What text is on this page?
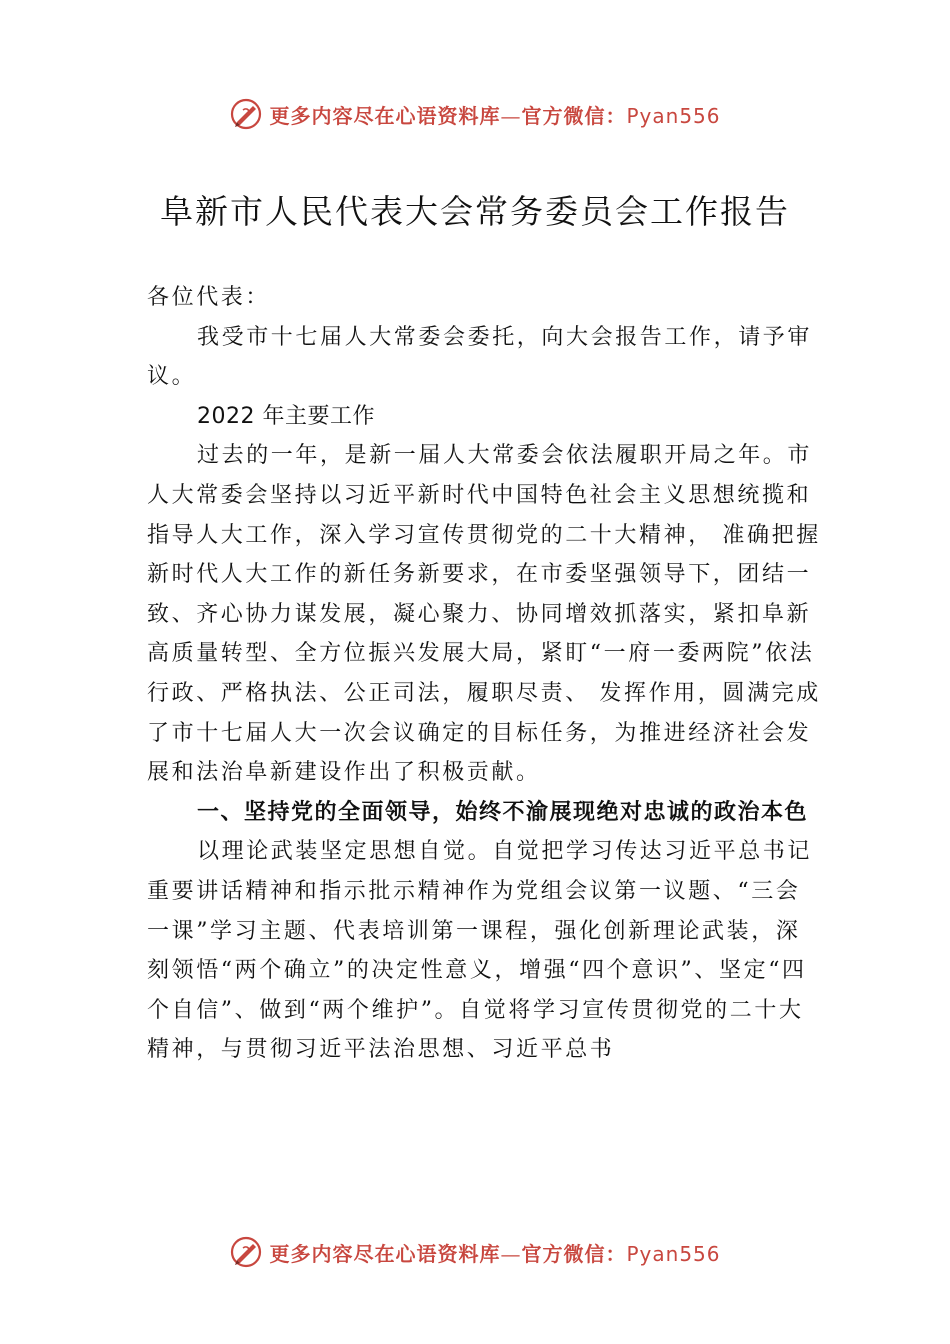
更多内容尽在心语资料库—官方微信：Pyan556
阜新市人民代表大会常务委员会工作报告

各位代表：

我受市十七届人大常委会委托，向大会报告工作，请予审议。

2022 年主要工作

过去的一年，是新一届人大常委会依法履职开局之年。市人大常委会坚持以习近平新时代中国特色社会主义思想统揽和指导人大工作，深入学习宣传贯彻党的二十大精神， 准确把握新时代人大工作的新任务新要求，在市委坚强领导下，团结一致、齐心协力谋发展，凝心聚力、协同增效抓落实，紧扣阜新高质量转型、全方位振兴发展大局，紧盯“一府一委两院”依法行政、严格执法、公正司法，履职尽责、 发挥作用，圆满完成了市十七届人大一次会议确定的目标任务，为推进经济社会发展和法治阜新建设作出了积极贡献。

一、坚持党的全面领导，始终不渝展现绝对忠诚的政治本色

以理论武装坚定思想自觉。自觉把学习传达习近平总书记重要讲话精神和指示批示精神作为党组会议第一议题、“三会一课”学习主题、代表培训第一课程，强化创新理论武装，深刻领悟“两个确立”的决定性意义，增强“四个意识”、坚定“四个自信”、做到“两个维护”。自觉将学习宣传贯彻党的二十大精神，与贯彻习近平法治思想、习近平总书

更多内容尽在心语资料库—官方微信：Pyan556
